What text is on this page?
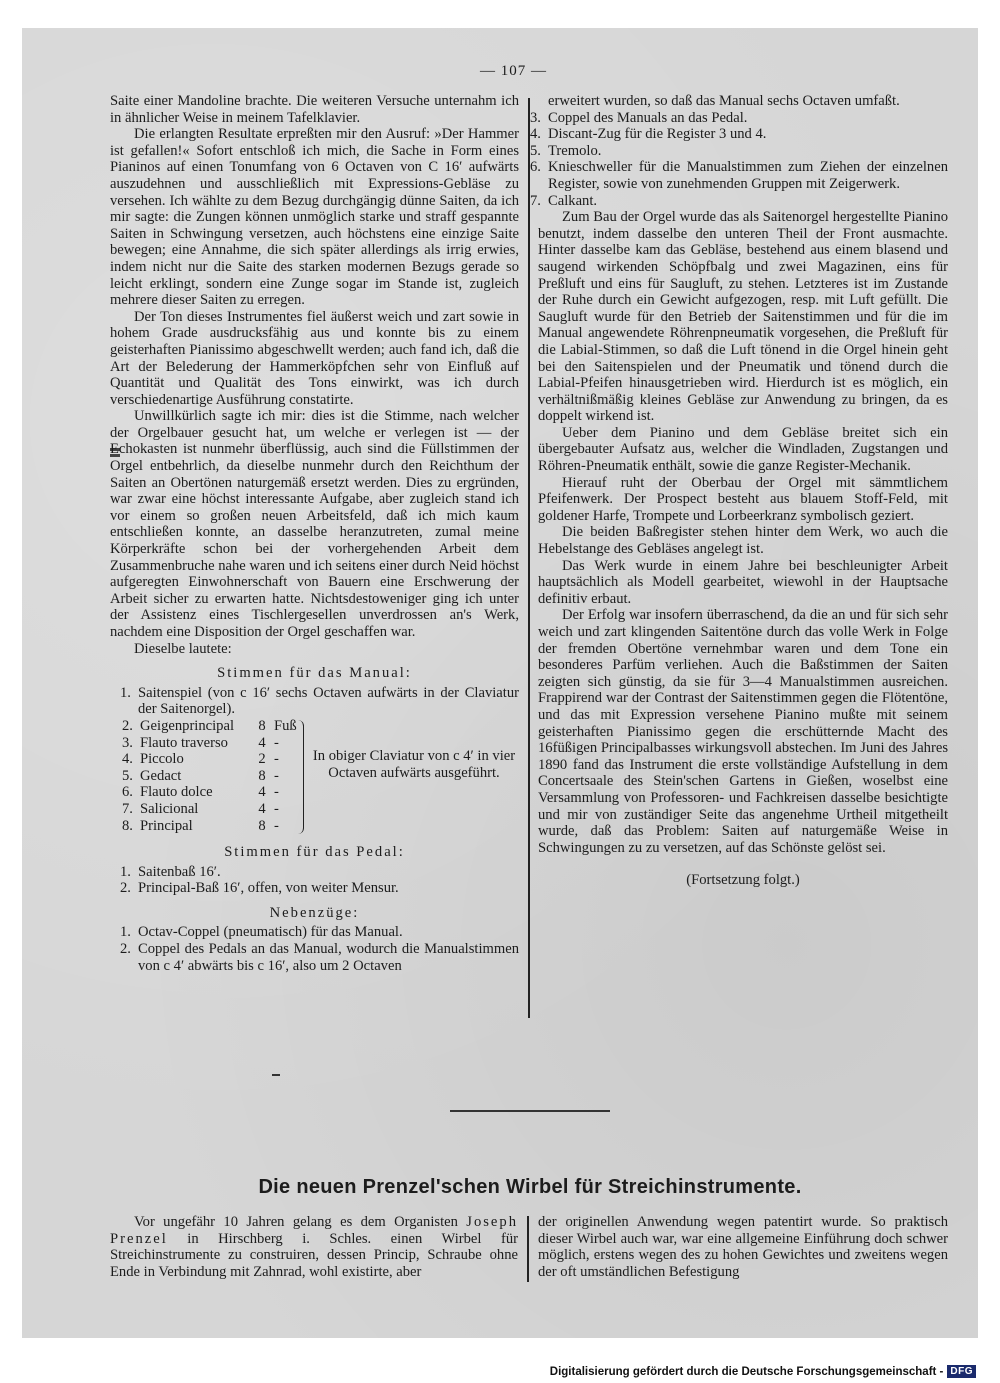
— 107 —

Saite einer Mandoline brachte. Die weiteren Versuche unternahm ich in ähnlicher Weise in meinem Tafelklavier.

Die erlangten Resultate erpreßten mir den Ausruf: »Der Hammer ist gefallen!« Sofort entschloß ich mich, die Sache in Form eines Pianinos auf einen Tonumfang von 6 Octaven von C 16′ aufwärts auszudehnen und ausschließlich mit Expressions-Gebläse zu versehen. Ich wählte zu dem Bezug durchgängig dünne Saiten, da ich mir sagte: die Zungen können unmöglich starke und straff gespannte Saiten in Schwingung versetzen, auch höchstens eine einzige Saite bewegen; eine Annahme, die sich später allerdings als irrig erwies, indem nicht nur die Saite des starken modernen Bezugs gerade so leicht erklingt, sondern eine Zunge sogar im Stande ist, zugleich mehrere dieser Saiten zu erregen.

Der Ton dieses Instrumentes fiel äußerst weich und zart sowie in hohem Grade ausdrucksfähig aus und konnte bis zu einem geisterhaften Pianissimo abgeschwellt werden; auch fand ich, daß die Art der Belederung der Hammerköpfchen sehr von Einfluß auf Quantität und Qualität des Tons einwirkt, was ich durch verschiedenartige Ausführung constatirte.

Unwillkürlich sagte ich mir: dies ist die Stimme, nach welcher der Orgelbauer gesucht hat, um welche er verlegen ist — der Echokasten ist nunmehr überflüssig, auch sind die Füllstimmen der Orgel entbehrlich, da dieselbe nunmehr durch den Reichthum der Saiten an Obertönen naturgemäß ersetzt werden. Dies zu ergründen, war zwar eine höchst interessante Aufgabe, aber zugleich stand ich vor einem so großen neuen Arbeitsfeld, daß ich mich kaum entschließen konnte, an dasselbe heranzutreten, zumal meine Körperkräfte schon bei der vorhergehenden Arbeit dem Zusammenbruche nahe waren und ich seitens einer durch Neid höchst aufgeregten Einwohnerschaft von Bauern eine Erschwerung der Arbeit sicher zu erwarten hatte. Nichtsdestoweniger ging ich unter der Assistenz eines Tischlergesellen unverdrossen an's Werk, nachdem eine Disposition der Orgel geschaffen war.

Dieselbe lautete:

Stimmen für das Manual:

1. Saitenspiel (von c 16′ sechs Octaven aufwärts in der Claviatur der Saitenorgel).

2. Geigenprincipal 8 Fuß
3. Flauto traverso 4 -
4. Piccolo	2 -
5. Gedact	8 -
6. Flauto dolce	4 -
7. Salicional	4 -
8. Principal	8 -
In obiger Claviatur von c 4′ in vier Octaven aufwärts ausgeführt.

Stimmen für das Pedal:

1. Saitenbaß 16′.

2. Principal-Baß 16′, offen, von weiter Mensur.

Nebenzüge:

1. Octav-Coppel (pneumatisch) für das Manual.

2. Coppel des Pedals an das Manual, wodurch die Manualstimmen von c 4′ abwärts bis c 16′, also um 2 Octaven

erweitert wurden, so daß das Manual sechs Octaven umfaßt.

3. Coppel des Manuals an das Pedal.

4. Discant-Zug für die Register 3 und 4.

5. Tremolo.

6. Knieschweller für die Manualstimmen zum Ziehen der einzelnen Register, sowie von zunehmenden Gruppen mit Zeigerwerk.

7. Calkant.

Zum Bau der Orgel wurde das als Saitenorgel hergestellte Pianino benutzt, indem dasselbe den unteren Theil der Front ausmachte. Hinter dasselbe kam das Gebläse, bestehend aus einem blasend und saugend wirkenden Schöpfbalg und zwei Magazinen, eins für Preßluft und eins für Saugluft, zu stehen. Letzteres ist im Zustande der Ruhe durch ein Gewicht aufgezogen, resp. mit Luft gefüllt. Die Saugluft wurde für den Betrieb der Saitenstimmen und für die im Manual angewendete Röhrenpneumatik vorgesehen, die Preßluft für die Labial-Stimmen, so daß die Luft tönend in die Orgel hinein geht bei den Saitenspielen und der Pneumatik und tönend durch die Labial-Pfeifen hinausgetrieben wird. Hierdurch ist es möglich, ein verhältnißmäßig kleines Gebläse zur Anwendung zu bringen, da es doppelt wirkend ist.

Ueber dem Pianino und dem Gebläse breitet sich ein übergebauter Aufsatz aus, welcher die Windladen, Zugstangen und Röhren-Pneumatik enthält, sowie die ganze Register-Mechanik.

Hierauf ruht der Oberbau der Orgel mit sämmtlichem Pfeifenwerk. Der Prospect besteht aus blauem Stoff-Feld, mit goldener Harfe, Trompete und Lorbeerkranz symbolisch geziert.

Die beiden Baßregister stehen hinter dem Werk, wo auch die Hebelstange des Gebläses angelegt ist.

Das Werk wurde in einem Jahre bei beschleunigter Arbeit hauptsächlich als Modell gearbeitet, wiewohl in der Hauptsache definitiv erbaut.

Der Erfolg war insofern überraschend, da die an und für sich sehr weich und zart klingenden Saitentöne durch das volle Werk in Folge der fremden Obertöne vernehmbar waren und dem Tone ein besonderes Parfüm verliehen. Auch die Baßstimmen der Saiten zeigten sich günstig, da sie für 3—4 Manualstimmen ausreichen. Frappirend war der Contrast der Saitenstimmen gegen die Flötentöne, und das mit Expression versehene Pianino mußte mit seinem geisterhaften Pianissimo gegen die erschütternde Macht des 16füßigen Principalbasses wirkungsvoll abstechen. Im Juni des Jahres 1890 fand das Instrument die erste vollständige Aufstellung in dem Concertsaale des Stein'schen Gartens in Gießen, woselbst eine Versammlung von Professoren- und Fachkreisen dasselbe besichtigte und mir von zuständiger Seite das angenehme Urtheil mitgetheilt wurde, daß das Problem: Saiten auf naturgemäße Weise in Schwingungen zu zu versetzen, auf das Schönste gelöst sei.

(Fortsetzung folgt.)

Die neuen Prenzel'schen Wirbel für Streichinstrumente.

Vor ungefähr 10 Jahren gelang es dem Organisten Joseph Prenzel in Hirschberg i. Schles. einen Wirbel für Streichinstrumente zu construiren, dessen Princip, Schraube ohne Ende in Verbindung mit Zahnrad, wohl existirte, aber

der originellen Anwendung wegen patentirt wurde. So praktisch dieser Wirbel auch war, war eine allgemeine Einführung doch schwer möglich, erstens wegen des zu hohen Gewichtes und zweitens wegen der oft umständlichen Befestigung

Digitalisierung gefördert durch die Deutsche Forschungsgemeinschaft - DFG
